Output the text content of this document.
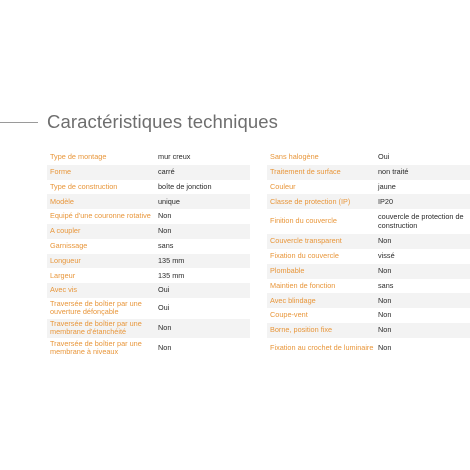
Caractéristiques techniques
Type de montage	mur creux
Forme	carré
Type de construction	boîte de jonction
Modèle	unique
Equipé d'une couronne rotative Non
A coupler	Non
Garnissage	sans
Longueur	135 mm
Largeur	135 mm
Avec vis	Oui
Traversée de boîtier par une ouverture défonçable	Oui
Traversée de boîtier par une membrane d'étanchéité	Non
Traversée de boîtier par une membrane à niveaux	Non
Sans halogène	Oui
Traitement de surface	non traité
Couleur	jaune
Classe de protection (IP)	IP20
Finition du couvercle	couvercle de protection de construction
Couvercle transparent	Non
Fixation du couvercle	vissé
Plombable	Non
Maintien de fonction	sans
Avec blindage	Non
Coupe-vent	Non
Borne, position fixe	Non
Fixation au crochet de luminaire Non
